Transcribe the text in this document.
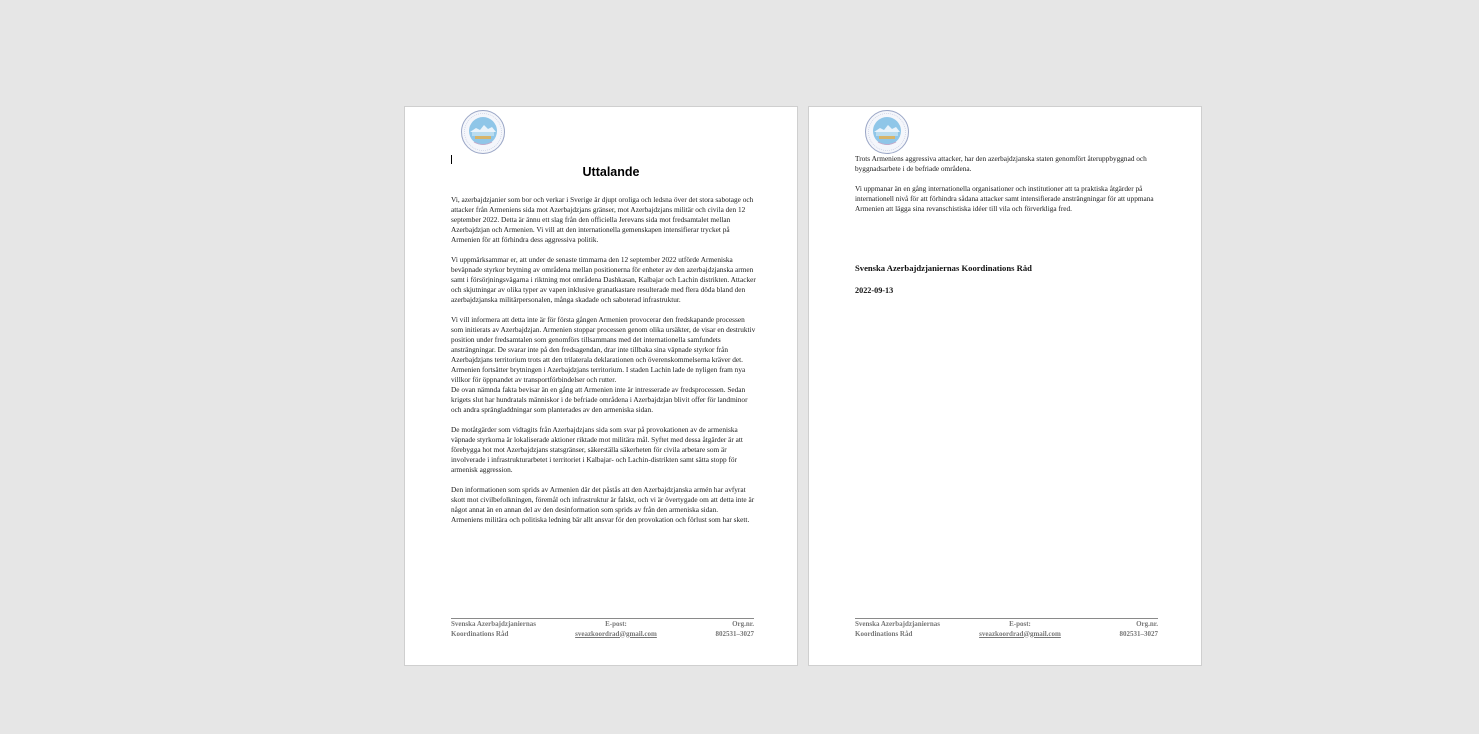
Uttalande

Vi, azerbajdzjanier som bor och verkar i Sverige är djupt oroliga och ledsna över det stora sabotage och attacker från Armeniens sida mot Azerbajdzjans gränser, mot Azerbajdzjans militär och civila den 12 september 2022. Detta är ännu ett slag från den officiella Jerevans sida mot fredsamtalet mellan Azerbajdzjan och Armenien. Vi vill att den internationella gemenskapen intensifierar trycket på Armenien för att förhindra dess aggressiva politik.

Vi uppmärksammar er, att under de senaste timmarna den 12 september 2022 utförde Armeniska beväpnade styrkor brytning av områdena mellan positionerna för enheter av den azerbajdzjanska armen samt i försörjningsvägarna i riktning mot områdena Dashkasan, Kalbajar och Lachin distrikten. Attacker och skjutningar av olika typer av vapen inklusive granatkastare resulterade med flera döda bland den azerbajdzjanska militärpersonalen, många skadade och saboterad infrastruktur.

Vi vill informera att detta inte är för första gången Armenien provocerar den fredskapande processen som initierats av Azerbajdzjan. Armenien stoppar processen genom olika ursäkter, de visar en destruktiv position under fredsamtalen som genomförs tillsammans med det internationella samfundets ansträngningar. De svarar inte på den fredsagendan, drar inte tillbaka sina väpnade styrkor från Azerbajdzjans territorium trots att den trilaterala deklarationen och överenskommelserna kräver det. Armenien fortsätter brytningen i Azerbajdzjans territorium. I staden Lachin lade de nyligen fram nya villkor för öppnandet av transportförbindelser och rutter.
De ovan nämnda fakta bevisar än en gång att Armenien inte är intresserade av fredsprocessen. Sedan krigets slut har hundratals människor i de befriade områdena i Azerbajdzjan blivit offer för landminor och andra sprängladdningar som planterades av den armeniska sidan.

De motåtgärder som vidtagits från Azerbajdzjans sida som svar på provokationen av de armeniska väpnade styrkorna är lokaliserade aktioner riktade mot militära mål. Syftet med dessa åtgärder är att förebygga hot mot Azerbajdzjans statsgränser, säkerställa säkerheten för civila arbetare som är involverade i infrastrukturarbetet i territoriet i Kalbajar- och Lachin-distrikten samt sätta stopp för armenisk aggression.

Den informationen som sprids av Armenien där det påstås att den Azerbajdzjanska armén har avfyrat skott mot civilbefolkningen, föremål och infrastruktur är falskt, och vi är övertygade om att detta inte är något annat än en annan del av den desinformation som sprids av från den armeniska sidan.
Armeniens militära och politiska ledning bär allt ansvar för den provokation och förlust som har skett.

Svenska Azerbajdzjaniernas
Koordinations Råd
E-post:
sveazkoordrad@gmail.com
Org.nr.
802531–3027

Trots Armeniens aggressiva attacker, har den azerbajdzjanska staten genomfört återuppbyggnad och byggnadsarbete i de befriade områdena.

Vi uppmanar än en gång internationella organisationer och institutioner att ta praktiska åtgärder på internationell nivå för att förhindra sådana attacker samt intensifierade ansträngningar för att uppmana Armenien att lägga sina revanschistiska idéer till vila och förverkliga fred.

Svenska Azerbajdzjaniernas Koordinations Råd
2022-09-13
Svenska Azerbajdzjaniernas
Koordinations Råd
E-post:
sveazkoordrad@gmail.com
Org.nr.
802531–3027
